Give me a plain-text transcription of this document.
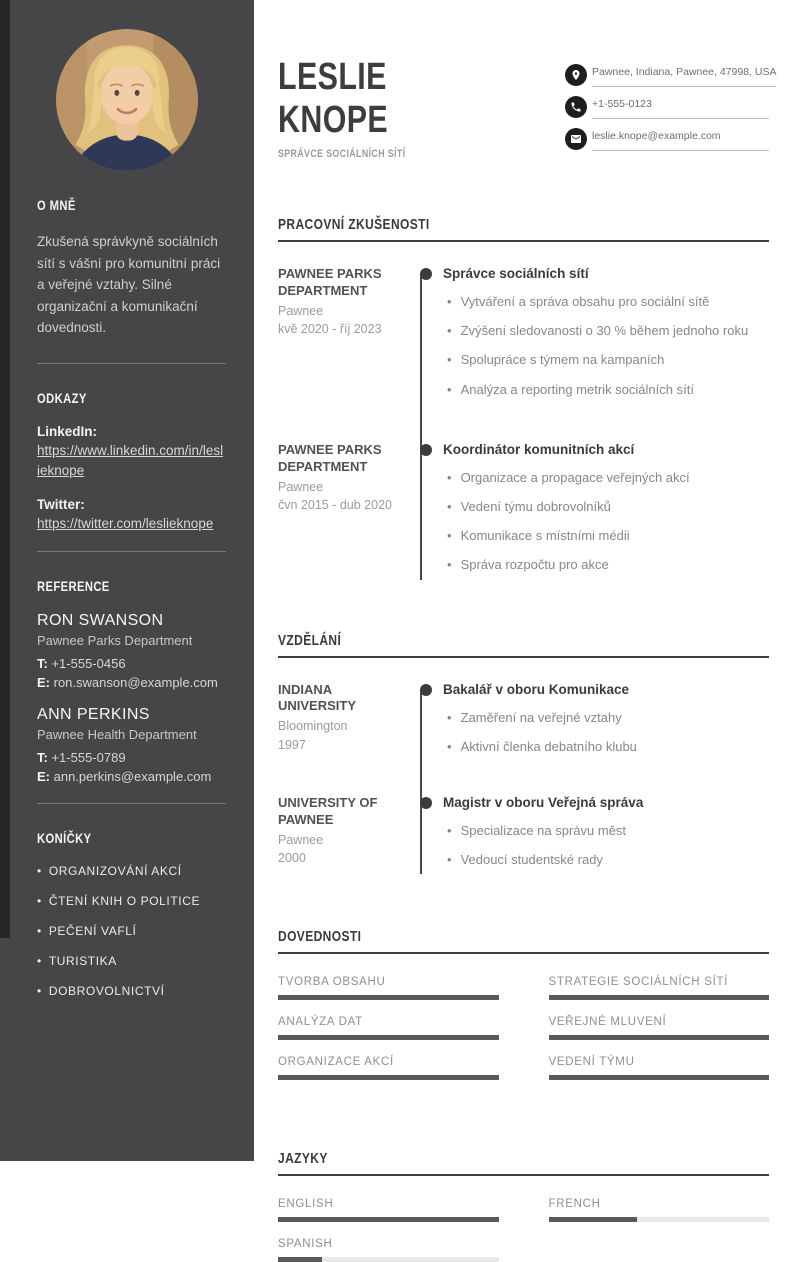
O MNĚ

Zkušená správkyně sociálních sítí s vášní pro komunitní práci a veřejné vztahy. Silné organizační a komunikační dovednosti.

ODKAZY
LinkedIn:
https://www.linkedin.com/in/leslieknope
Twitter:
https://twitter.com/leslieknope
REFERENCE
RON SWANSON
Pawnee Parks Department
T: +1-555-0456
E: ron.swanson@example.com
ANN PERKINS
Pawnee Health Department
T: +1-555-0789
E: ann.perkins@example.com
KONÍČKY
• ORGANIZOVÁNÍ AKCÍ
• ČTENÍ KNIH O POLITICE
• PEČENÍ VAFLÍ
• TURISTIKA
• DOBROVOLNICTVÍ
LESLIE
KNOPE
SPRÁVCE SOCIÁLNÍCH SÍTÍ
Pawnee, Indiana, Pawnee, 47998, USA
+1-555-0123
leslie.knope@example.com
PRACOVNÍ ZKUŠENOSTI
PAWNEE PARKS DEPARTMENT
Pawnee
kvě 2020 - říj 2023
Správce sociálních sítí
• Vytváření a správa obsahu pro sociální sítě
• Zvýšení sledovanosti o 30 % během jednoho roku
• Spolupráce s týmem na kampaních
• Analýza a reporting metrik sociálních sítí
PAWNEE PARKS DEPARTMENT
Pawnee
čvn 2015 - dub 2020
Koordinátor komunitních akcí
• Organizace a propagace veřejných akcí
• Vedení týmu dobrovolníků
• Komunikace s místními médii
• Správa rozpočtu pro akce
VZDĚLÁNÍ
INDIANA UNIVERSITY
Bloomington
1997
Bakalář v oboru Komunikace
• Zaměření na veřejné vztahy
• Aktivní členka debatního klubu
UNIVERSITY OF PAWNEE
Pawnee
2000
Magistr v oboru Veřejná správa
• Specializace na správu měst
• Vedoucí studentské rady
DOVEDNOSTI
TVORBA OBSAHU	STRATEGIE SOCIÁLNÍCH SÍTÍ
ANALÝZA DAT	VEŘEJNÉ MLUVENÍ
ORGANIZACE AKCÍ	VEDENÍ TÝMU
JAZYKY
ENGLISH	FRENCH
SPANISH
